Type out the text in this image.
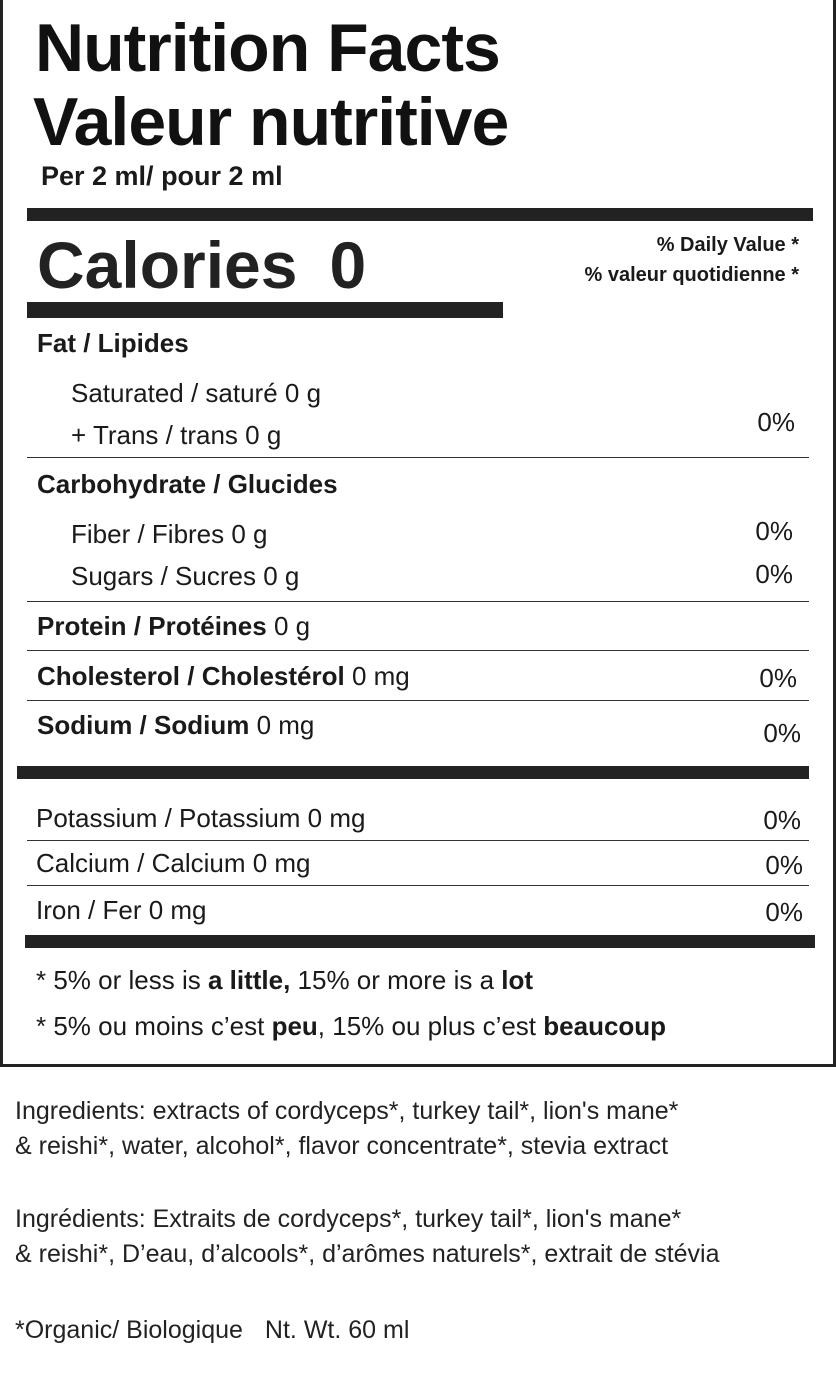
Nutrition Facts
Valeur nutritive
Per 2 ml/ pour 2 ml
Calories 0	% Daily Value *
% valeur quotidienne *
Fat / Lipides
Saturated / saturé 0 g
+ Trans / trans 0 g	0%
Carbohydrate / Glucides
Fiber / Fibres 0 g	0%
Sugars / Sucres 0 g	0%
Protein / Protéines 0 g
Cholesterol / Cholestérol 0 mg	0%
Sodium / Sodium 0 mg	0%
Potassium / Potassium 0 mg	0%
Calcium / Calcium 0 mg	0%
Iron / Fer 0 mg	0%
* 5% or less is a little, 15% or more is a lot
* 5% ou moins c’est peu, 15% ou plus c’est beaucoup
Ingredients: extracts of cordyceps*, turkey tail*, lion's mane*
& reishi*, water, alcohol*, flavor concentrate*, stevia extract
Ingrédients: Extraits de cordyceps*, turkey tail*, lion's mane*
& reishi*, D’eau, d’alcools*, d’arômes naturels*, extrait de stévia
*Organic/ Biologique Nt. Wt. 60 ml
